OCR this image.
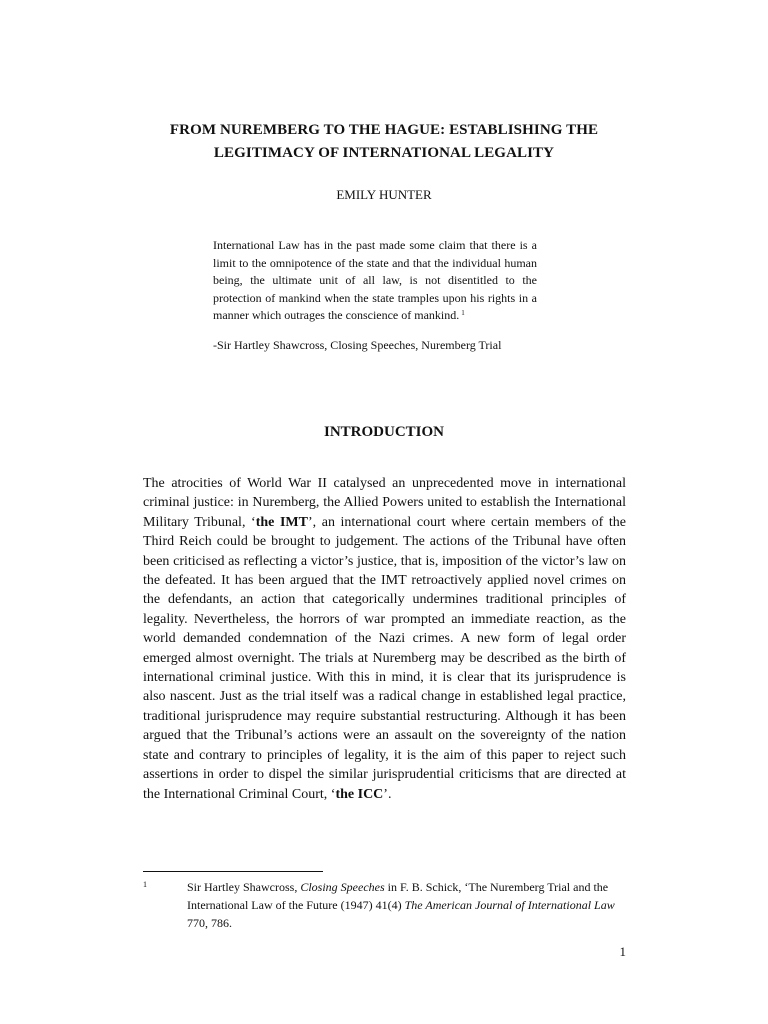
FROM NUREMBERG TO THE HAGUE: ESTABLISHING THE
LEGITIMACY OF INTERNATIONAL LEGALITY
EMILY HUNTER

International Law has in the past made some claim that there is a limit to the omnipotence of the state and that the individual human being, the ultimate unit of all law, is not disentitled to the protection of mankind when the state tramples upon his rights in a manner which outrages the conscience of mankind. $^1$

-Sir Hartley Shawcross, Closing Speeches, Nuremberg Trial

INTRODUCTION

The atrocities of World War II catalysed an unprecedented move in international criminal justice: in Nuremberg, the Allied Powers united to establish the International Military Tribunal, ‘the IMT’, an international court where certain members of the Third Reich could be brought to judgement. The actions of the Tribunal have often been criticised as reflecting a victor’s justice, that is, imposition of the victor’s law on the defeated. It has been argued that the IMT retroactively applied novel crimes on the defendants, an action that categorically undermines traditional principles of legality. Nevertheless, the horrors of war prompted an immediate reaction, as the world demanded condemnation of the Nazi crimes. A new form of legal order emerged almost overnight. The trials at Nuremberg may be described as the birth of international criminal justice. With this in mind, it is clear that its jurisprudence is also nascent. Just as the trial itself was a radical change in established legal practice, traditional jurisprudence may require substantial restructuring. Although it has been argued that the Tribunal’s actions were an assault on the sovereignty of the nation state and contrary to principles of legality, it is the aim of this paper to reject such assertions in order to dispel the similar jurisprudential criticisms that are directed at the International Criminal Court, ‘the ICC’.

1	Sir Hartley Shawcross, Closing Speeches in F. B. Schick, ‘The Nuremberg Trial and the International Law of the Future (1947) 41(4) The American Journal of International Law 770, 786.
1
